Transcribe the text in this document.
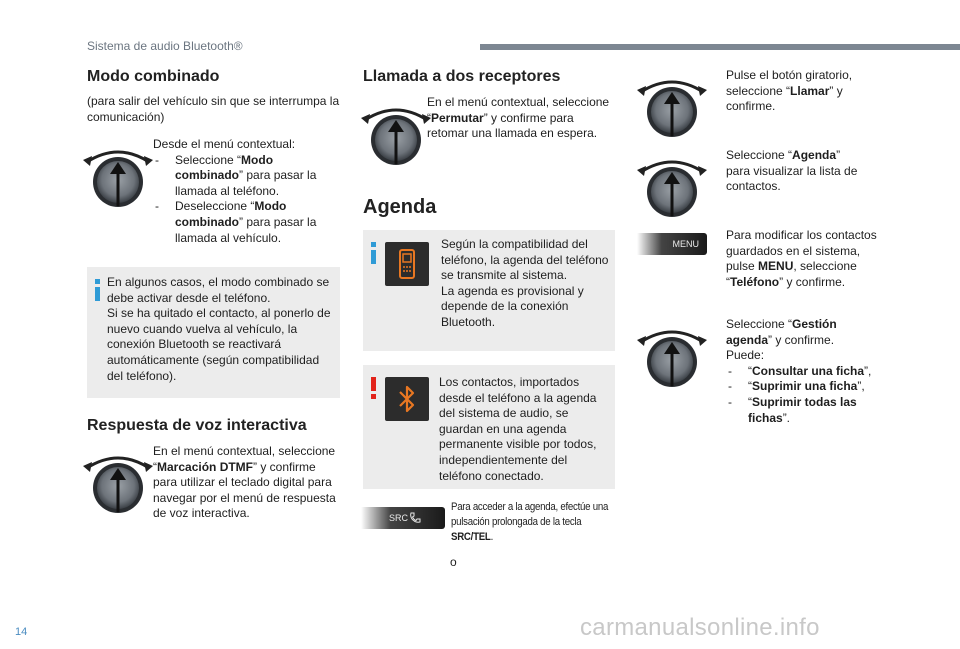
Sistema de audio Bluetooth®
Modo combinado
(para salir del vehículo sin que se interrumpa la comunicación)
Desde el menú contextual:
- Seleccione “Modo combinado” para pasar la llamada al teléfono.
- Deseleccione “Modo combinado” para pasar la llamada al vehículo.
En algunos casos, el modo combinado se debe activar desde el teléfono.
Si se ha quitado el contacto, al ponerlo de nuevo cuando vuelva al vehículo, la conexión Bluetooth se reactivará automáticamente (según compatibilidad del teléfono).
Respuesta de voz interactiva
En el menú contextual, seleccione “Marcación DTMF” y confirme para utilizar el teclado digital para navegar por el menú de respuesta de voz interactiva.
Llamada a dos receptores
En el menú contextual, seleccione “Permutar” y confirme para retomar una llamada en espera.
Agenda
Según la compatibilidad del teléfono, la agenda del teléfono se transmite al sistema.
La agenda es provisional y depende de la conexión Bluetooth.
Los contactos, importados desde el teléfono a la agenda del sistema de audio, se guardan en una agenda permanente visible por todos, independientemente del teléfono conectado.
SRC
Para acceder a la agenda, efectúe una pulsación prolongada de la tecla SRC/TEL.
o
Pulse el botón giratorio, seleccione “Llamar” y confirme.
Seleccione “Agenda” para visualizar la lista de contactos.
MENU
Para modificar los contactos guardados en el sistema, pulse MENU, seleccione “Teléfono” y confirme.
Seleccione “Gestión agenda” y confirme.
Puede:
- “Consultar una ficha”,
- “Suprimir una ficha”,
- “Suprimir todas las fichas”.
14	carmanualsonline.info
